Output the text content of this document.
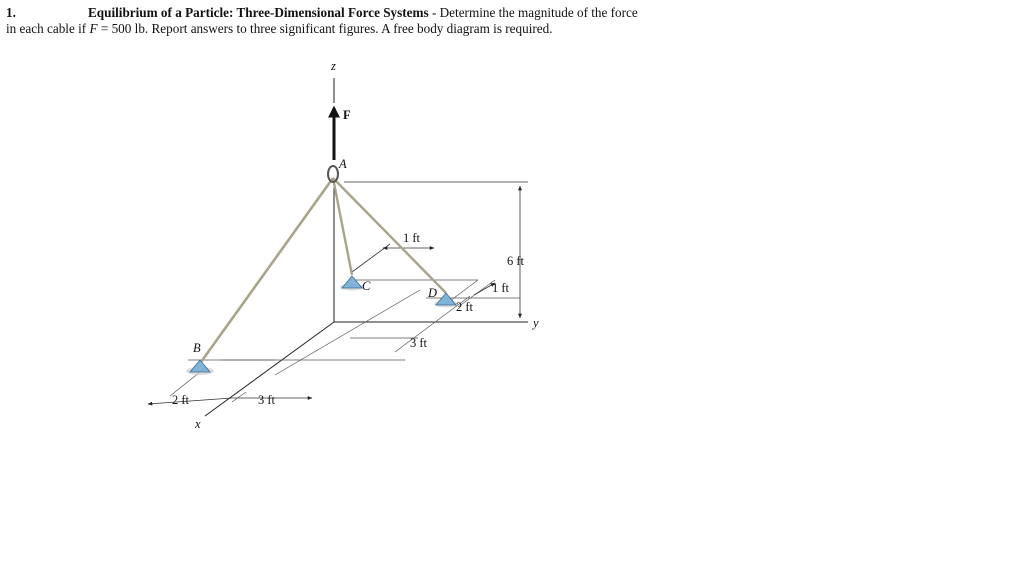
1.	Equilibrium of a Particle: Three-Dimensional Force Systems - Determine the magnitude of the force in each cable if F = 500 lb. Report answers to three significant figures. A free body diagram is required.
z
F
A
C	D
B
y
x
1 ft
6 ft
1 ft
2 ft
3 ft
2 ft	3 ft
